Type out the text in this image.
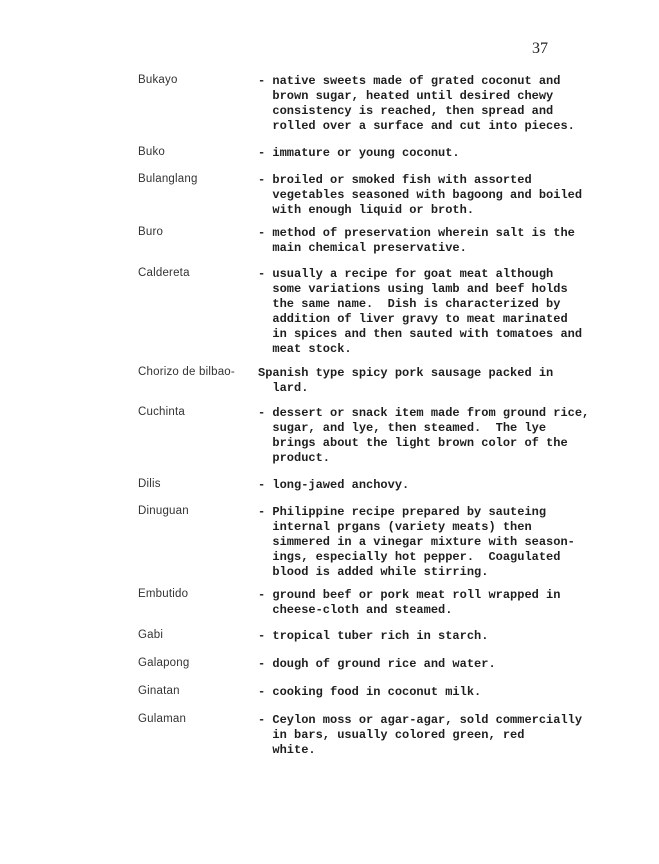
37
Bukayo	- native sweets made of grated coconut and
brown sugar, heated until desired chewy
consistency is reached, then spread and
rolled over a surface and cut into pieces.
Buko	- immature or young coconut.
Bulanglang	- broiled or smoked fish with assorted
vegetables seasoned with bagoong and boiled
with enough liquid or broth.
Buro	- method of preservation wherein salt is the
main chemical preservative.
Caldereta	- usually a recipe for goat meat although
some variations using lamb and beef holds
the same name.  Dish is characterized by
addition of liver gravy to meat marinated
in spices and then sauted with tomatoes and
meat stock.
Chorizo de bilbao- Spanish type spicy pork sausage packed in
lard.
Cuchinta	- dessert or snack item made from ground rice,
sugar, and lye, then steamed.  The lye
brings about the light brown color of the
product.
Dilis	- long-jawed anchovy.
Dinuguan	- Philippine recipe prepared by sauteing
internal prgans (variety meats) then
simmered in a vinegar mixture with season-
ings, especially hot pepper.  Coagulated
blood is added while stirring.
Embutido	- ground beef or pork meat roll wrapped in
cheese-cloth and steamed.
Gabi	- tropical tuber rich in starch.
Galapong	- dough of ground rice and water.
Ginatan	- cooking food in coconut milk.
Gulaman	- Ceylon moss or agar-agar, sold commercially
in bars, usually colored green, red
white.
